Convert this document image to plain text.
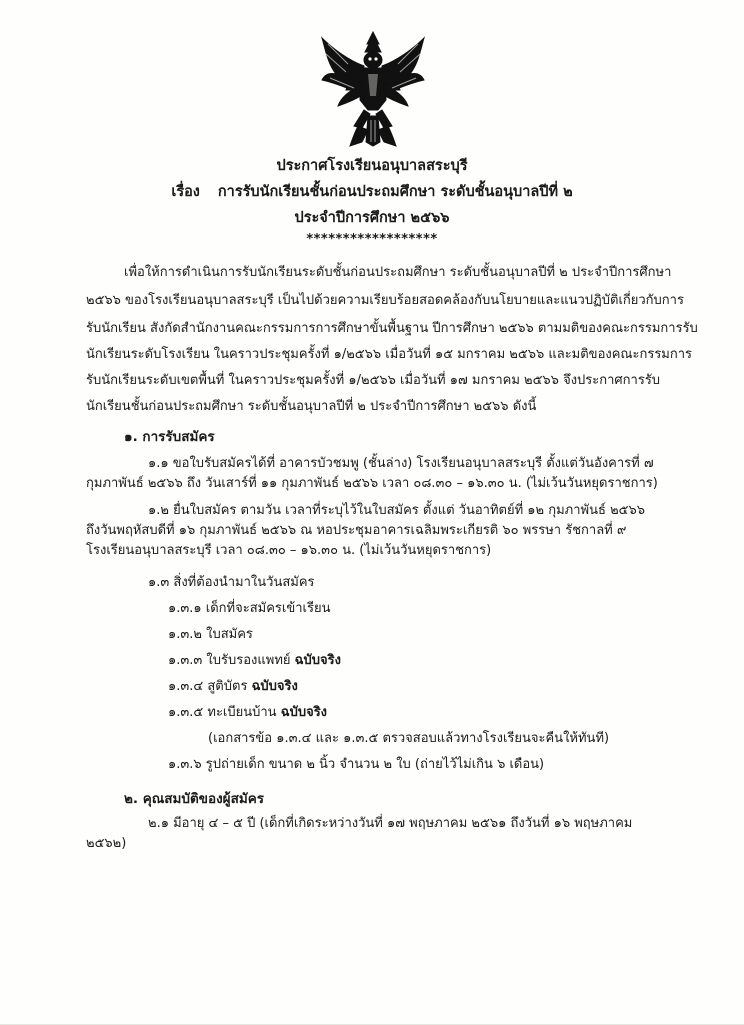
ประกาศโรงเรียนอนุบาลสระบุรี
เรื่อง การรับนักเรียนชั้นก่อนประถมศึกษา ระดับชั้นอนุบาลปีที่ ๒
ประจำปีการศึกษา ๒๕๖๖
******************
เพื่อให้การดำเนินการรับนักเรียนระดับชั้นก่อนประถมศึกษา ระดับชั้นอนุบาลปีที่ ๒ ประจำปีการศึกษา
๒๕๖๖ ของโรงเรียนอนุบาลสระบุรี เป็นไปด้วยความเรียบร้อยสอดคล้องกับนโยบายและแนวปฏิบัติเกี่ยวกับการ
รับนักเรียน สังกัดสำนักงานคณะกรรมการการศึกษาขั้นพื้นฐาน ปีการศึกษา ๒๕๖๖ ตามมติของคณะกรรมการรับ
นักเรียนระดับโรงเรียน ในคราวประชุมครั้งที่ ๑/๒๕๖๖ เมื่อวันที่ ๑๕ มกราคม ๒๕๖๖ และมติของคณะกรรมการ
รับนักเรียนระดับเขตพื้นที่ ในคราวประชุมครั้งที่ ๑/๒๕๖๖ เมื่อวันที่ ๑๗ มกราคม ๒๕๖๖ จึงประกาศการรับ
นักเรียนชั้นก่อนประถมศึกษา ระดับชั้นอนุบาลปีที่ ๒ ประจำปีการศึกษา ๒๕๖๖ ดังนี้
๑. การรับสมัคร
๑.๑ ขอใบรับสมัครได้ที่ อาคารบัวชมพู (ชั้นล่าง) โรงเรียนอนุบาลสระบุรี ตั้งแต่วันอังคารที่ ๗
กุมภาพันธ์ ๒๕๖๖ ถึง วันเสาร์ที่ ๑๑ กุมภาพันธ์ ๒๕๖๖ เวลา ๐๘.๓๐ – ๑๖.๓๐ น. (ไม่เว้นวันหยุดราชการ)
๑.๒ ยื่นใบสมัคร ตามวัน เวลาที่ระบุไว้ในใบสมัคร ตั้งแต่ วันอาทิตย์ที่ ๑๒ กุมภาพันธ์ ๒๕๖๖
ถึงวันพฤหัสบดีที่ ๑๖ กุมภาพันธ์ ๒๕๖๖ ณ หอประชุมอาคารเฉลิมพระเกียรติ ๖๐ พรรษา รัชกาลที่ ๙
โรงเรียนอนุบาลสระบุรี เวลา ๐๘.๓๐ – ๑๖.๓๐ น. (ไม่เว้นวันหยุดราชการ)
๑.๓ สิ่งที่ต้องนำมาในวันสมัคร
๑.๓.๑ เด็กที่จะสมัครเข้าเรียน
๑.๓.๒ ใบสมัคร
๑.๓.๓ ใบรับรองแพทย์ ฉบับจริง
๑.๓.๔ สูติบัตร ฉบับจริง
๑.๓.๕ ทะเบียนบ้าน ฉบับจริง
(เอกสารข้อ ๑.๓.๔ และ ๑.๓.๕ ตรวจสอบแล้วทางโรงเรียนจะคืนให้ทันที)
๑.๓.๖ รูปถ่ายเด็ก ขนาด ๒ นิ้ว จำนวน ๒ ใบ (ถ่ายไว้ไม่เกิน ๖ เดือน)
๒. คุณสมบัติของผู้สมัคร
๒.๑ มีอายุ ๔ – ๕ ปี (เด็กที่เกิดระหว่างวันที่ ๑๗ พฤษภาคม ๒๕๖๑ ถึงวันที่ ๑๖ พฤษภาคม
๒๕๖๒)
